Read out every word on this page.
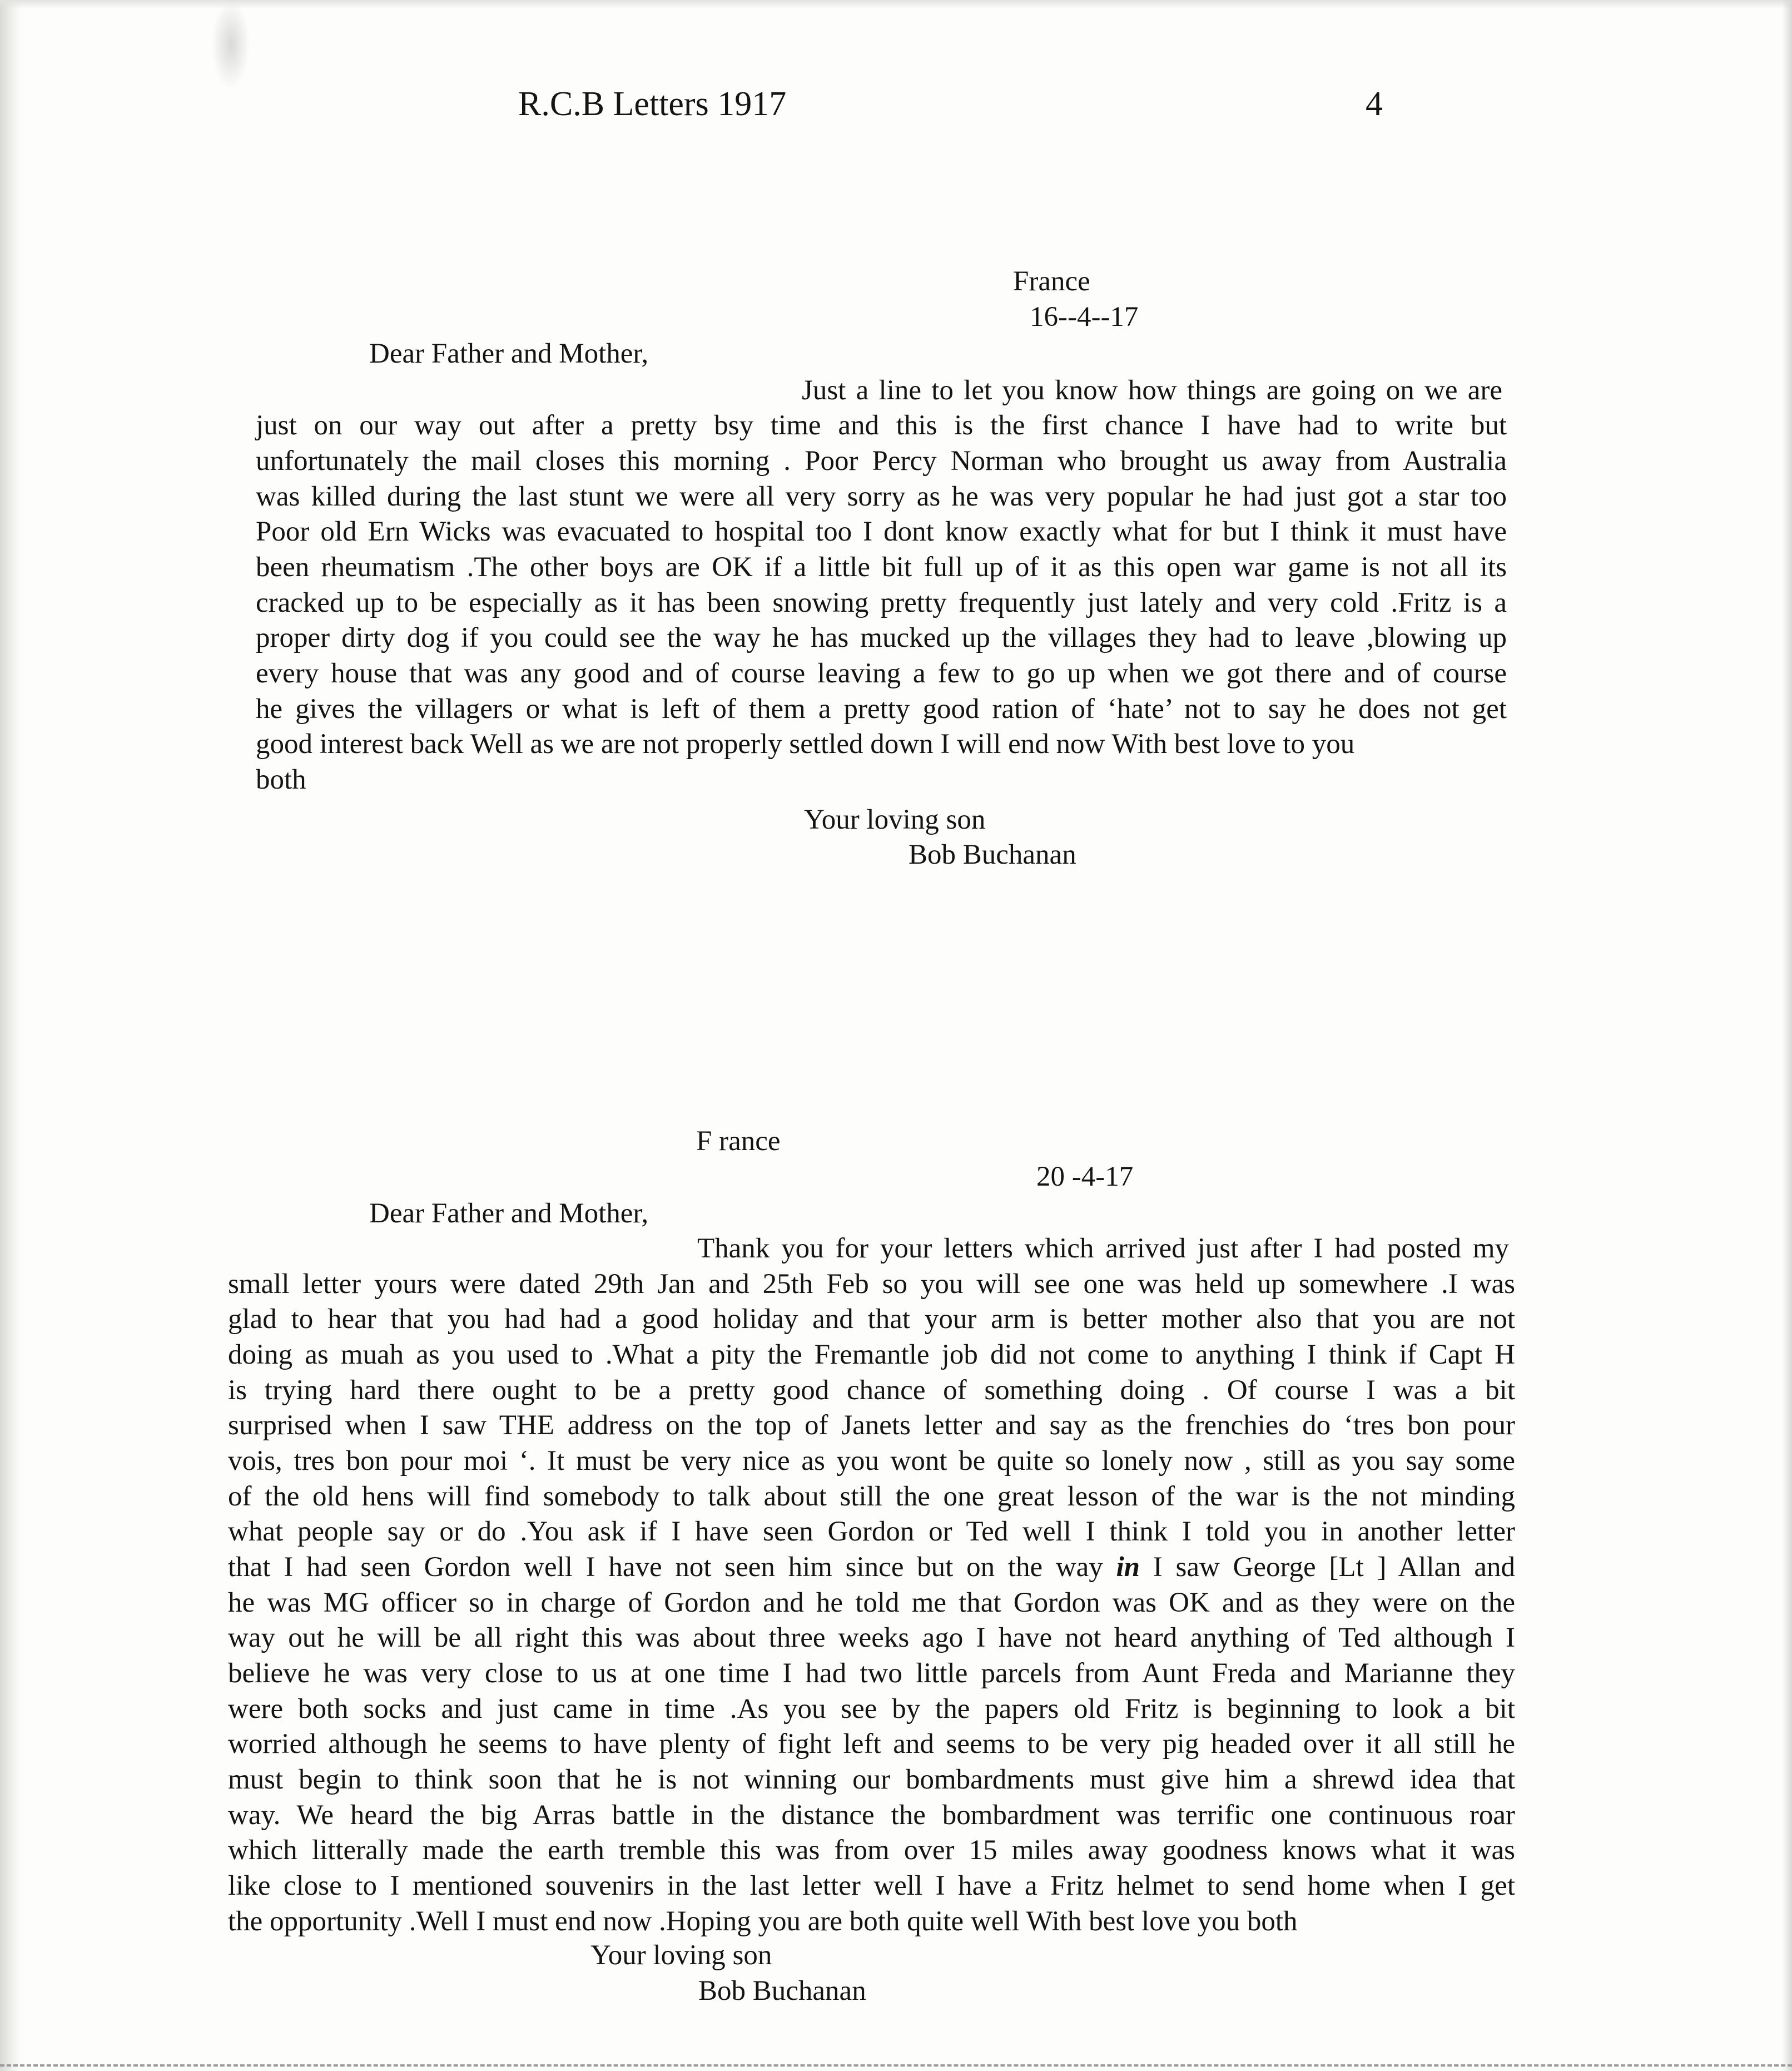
R.C.B Letters 1917	4
France
16--4--17
Dear Father and Mother,
Just a line to let you know how things are going on we are
just on our way out after a pretty bsy time and this is the first chance I have had to write but
unfortunately the mail closes this morning . Poor Percy Norman who brought us away from Australia
was killed during the last stunt we were all very sorry as he was very popular he had just got a star too
Poor old Ern Wicks was evacuated to hospital too I dont know exactly what for but I think it must have
been rheumatism .The other boys are OK if a little bit full up of it as this open war game is not all its
cracked up to be especially as it has been snowing pretty frequently just lately and very cold .Fritz is a
proper dirty dog if you could see the way he has mucked up the villages they had to leave ,blowing up
every house that was any good and of course leaving a few to go up when we got there and of course
he gives the villagers or what is left of them a pretty good ration of ‘hate’ not to say he does not get
good interest back Well as we are not properly settled down I will end now With best love to you
both
Your loving son
Bob Buchanan
F rance
20 -4-17
Dear Father and Mother,
Thank you for your letters which arrived just after I had posted my
small letter yours were dated 29th Jan and 25th Feb so you will see one was held up somewhere .I was
glad to hear that you had had a good holiday and that your arm is better mother also that you are not
doing as muah as you used to .What a pity the Fremantle job did not come to anything I think if Capt H
is trying hard there ought to be a pretty good chance of something doing . Of course I was a bit
surprised when I saw THE address on the top of Janets letter and say as the frenchies do ‘tres bon pour
vois, tres bon pour moi ‘. It must be very nice as you wont be quite so lonely now , still as you say some
of the old hens will find somebody to talk about still the one great lesson of the war is the not minding
what people say or do .You ask if I have seen Gordon or Ted well I think I told you in another letter
that I had seen Gordon well I have not seen him since but on the way in I saw George [Lt ] Allan and
he was MG officer so in charge of Gordon and he told me that Gordon was OK and as they were on the
way out he will be all right this was about three weeks ago I have not heard anything of Ted although I
believe he was very close to us at one time I had two little parcels from Aunt Freda and Marianne they
were both socks and just came in time .As you see by the papers old Fritz is beginning to look a bit
worried although he seems to have plenty of fight left and seems to be very pig headed over it all still he
must begin to think soon that he is not winning our bombardments must give him a shrewd idea that
way. We heard the big Arras battle in the distance the bombardment was terrific one continuous roar
which litterally made the earth tremble this was from over 15 miles away goodness knows what it was
like close to I mentioned souvenirs in the last letter well I have a Fritz helmet to send home when I get
the opportunity .Well I must end now .Hoping you are both quite well With best love you both
Your loving son
Bob Buchanan
